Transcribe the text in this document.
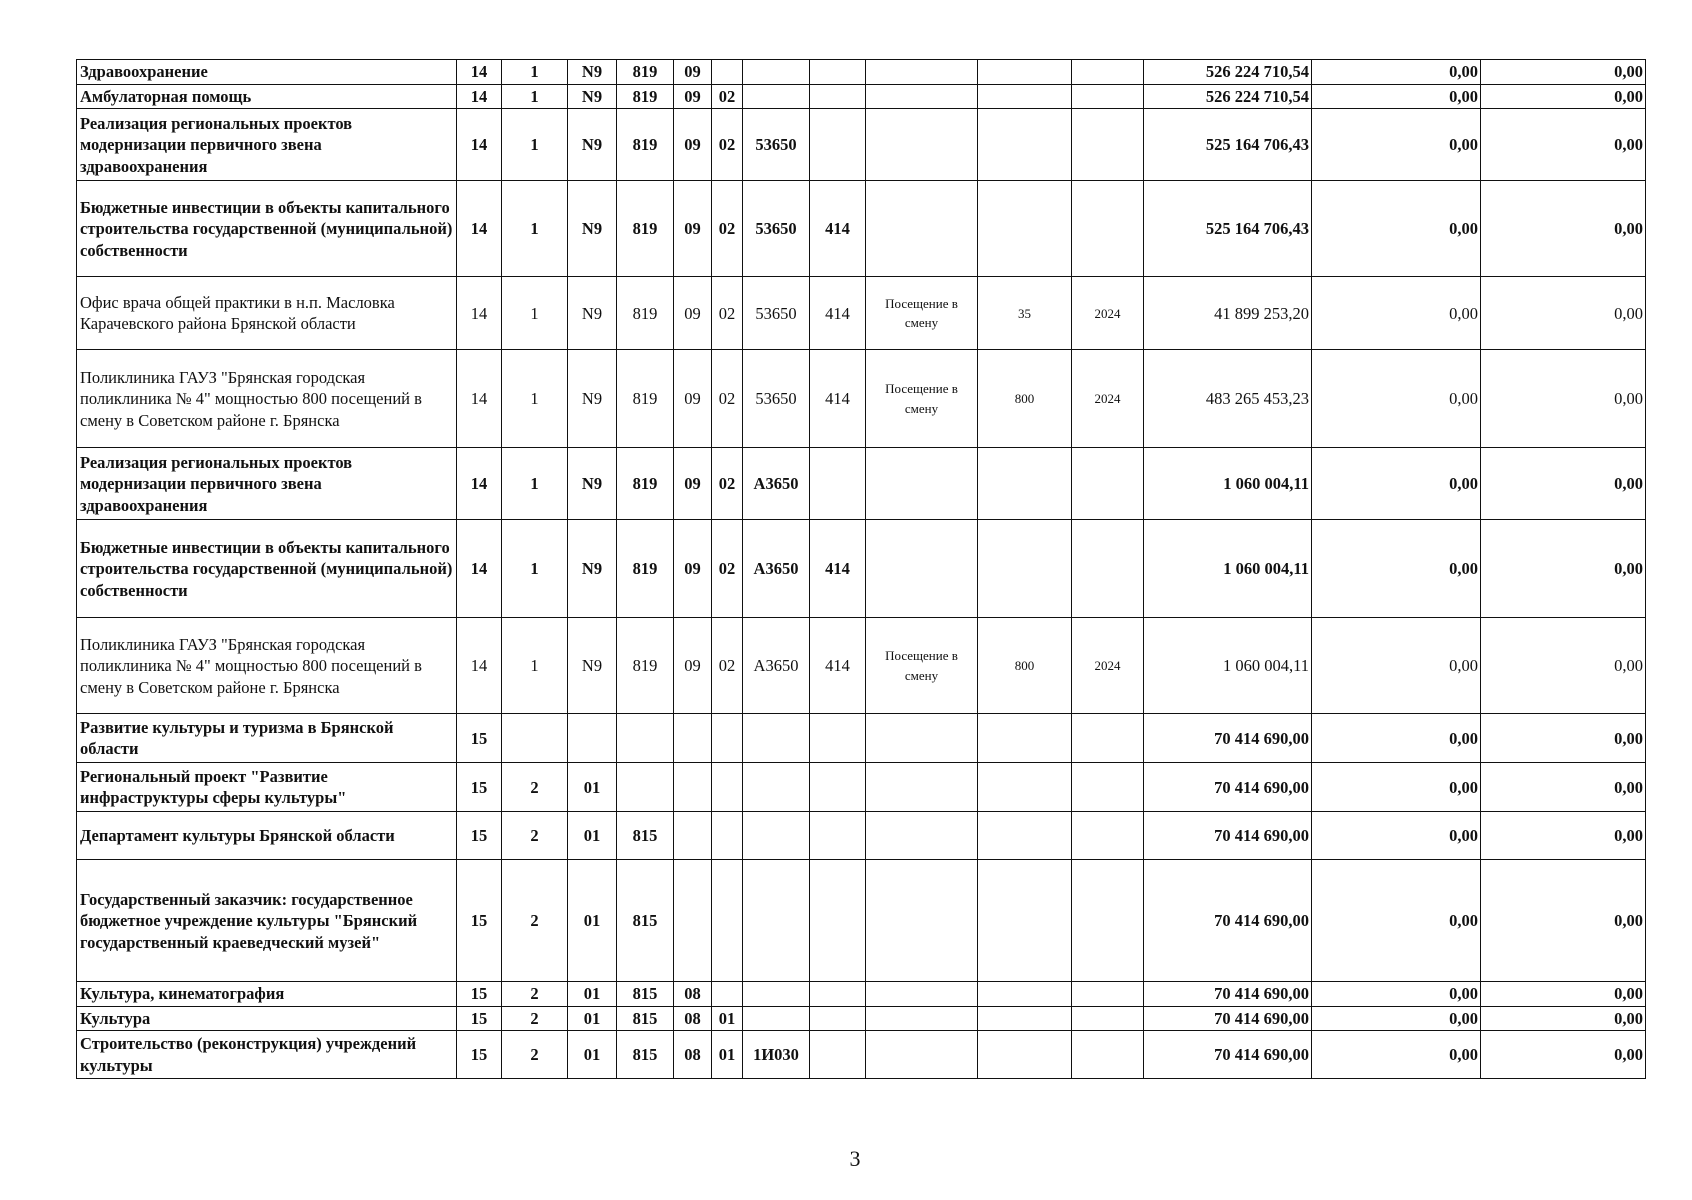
Здравоохранение	14	1	N9	819	09							526 224 710,54	0,00	0,00
Амбулаторная помощь	14	1	N9	819	09	02						526 224 710,54	0,00	0,00
Реализация региональных проектов модернизации первичного звена здравоохранения	14	1	N9	819	09	02	53650					525 164 706,43	0,00	0,00
Бюджетные инвестиции в объекты капитального строительства государственной (муниципальной) собственности	14	1	N9	819	09	02	53650	414				525 164 706,43	0,00	0,00
Офис врача общей практики в н.п. Масловка Карачевского района Брянской области	14	1	N9	819	09	02	53650	414	Посещение в смену	35	2024	41 899 253,20	0,00	0,00
Поликлиника ГАУЗ "Брянская городская поликлиника № 4" мощностью 800 посещений в смену в Советском районе г. Брянска	14	1	N9	819	09	02	53650	414	Посещение в смену	800	2024	483 265 453,23	0,00	0,00
Реализация региональных проектов модернизации первичного звена здравоохранения	14	1	N9	819	09	02	А3650					1 060 004,11	0,00	0,00
Бюджетные инвестиции в объекты капитального строительства государственной (муниципальной) собственности	14	1	N9	819	09	02	А3650	414				1 060 004,11	0,00	0,00
Поликлиника ГАУЗ "Брянская городская поликлиника № 4" мощностью 800 посещений в смену в Советском районе г. Брянска	14	1	N9	819	09	02	А3650	414	Посещение в смену	800	2024	1 060 004,11	0,00	0,00
Развитие культуры и туризма в Брянской области	15											70 414 690,00	0,00	0,00
Региональный проект "Развитие инфраструктуры сферы культуры"	15	2	01									70 414 690,00	0,00	0,00
Департамент культуры Брянской области	15	2	01	815								70 414 690,00	0,00	0,00
Государственный заказчик: государственное бюджетное учреждение культуры "Брянский государственный краеведческий музей"	15	2	01	815								70 414 690,00	0,00	0,00
Культура, кинематография	15	2	01	815	08							70 414 690,00	0,00	0,00
Культура	15	2	01	815	08	01						70 414 690,00	0,00	0,00
Строительство (реконструкция) учреждений культуры	15	2	01	815	08	01	1И030					70 414 690,00	0,00	0,00
3
